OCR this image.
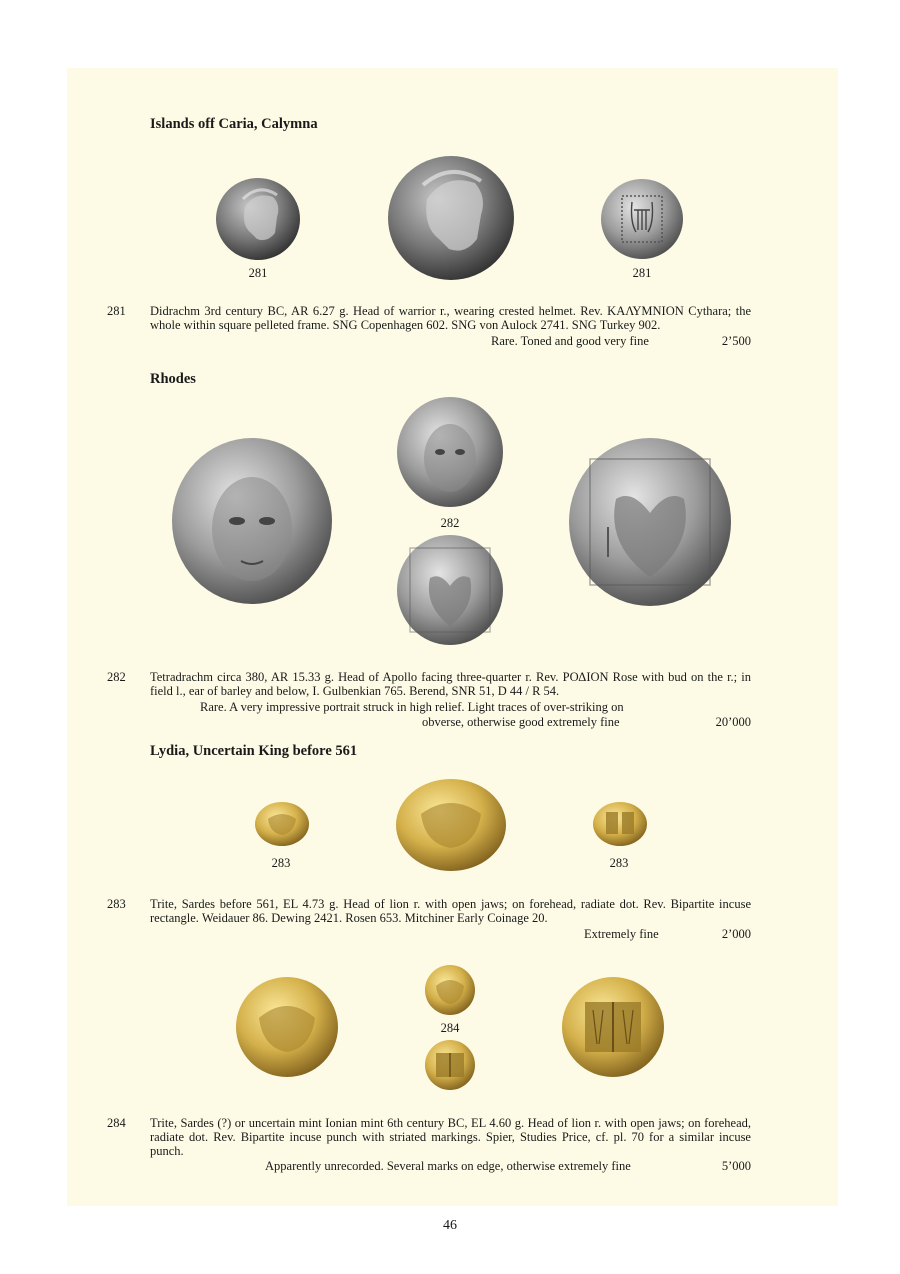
Islands off Caria, Calymna
281	281
281 Didrachm 3rd century BC, AR 6.27 g. Head of warrior r., wearing crested helmet. Rev. ΚΑΛΥΜΝΙΟΝ Cythara; the whole within square pelleted frame. SNG Copenhagen 602. SNG von Aulock 2741. SNG Turkey 902.
Rare. Toned and good very fine	2’500
Rhodes
282
282 Tetradrachm circa 380, AR 15.33 g. Head of Apollo facing three-quarter r. Rev. ΡΟΔΙΟΝ Rose with bud on the r.; in field l., ear of barley and below, I. Gulbenkian 765. Berend, SNR 51, D 44 / R 54.
Rare. A very impressive portrait struck in high relief. Light traces of over-striking on
obverse, otherwise good extremely fine	20’000
Lydia, Uncertain King before 561
283	283
283 Trite, Sardes before 561, EL 4.73 g. Head of lion r. with open jaws; on forehead, radiate dot. Rev. Bipartite incuse rectangle. Weidauer 86. Dewing 2421. Rosen 653. Mitchiner Early Coinage 20.
Extremely fine	2’000
284
284 Trite, Sardes (?) or uncertain mint Ionian mint 6th century BC, EL 4.60 g. Head of lion r. with open jaws; on forehead, radiate dot. Rev. Bipartite incuse punch with striated markings. Spier, Studies Price, cf. pl. 70 for a similar incuse punch.
Apparently unrecorded. Several marks on edge, otherwise extremely fine	5’000
46
